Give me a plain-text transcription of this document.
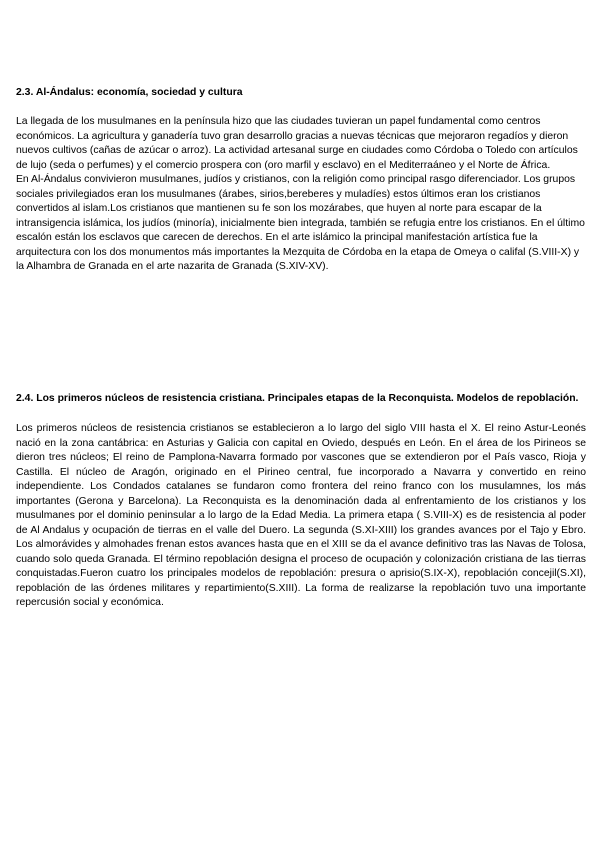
2.3. Al-Ándalus: economía, sociedad y cultura

La llegada de los musulmanes en la península hizo que las ciudades tuvieran un papel fundamental como centros económicos. La agricultura y ganadería tuvo gran desarrollo gracias a nuevas técnicas que mejoraron regadíos y dieron nuevos cultivos (cañas de azúcar o arroz). La actividad artesanal surge en ciudades como Córdoba o Toledo con artículos de lujo (seda o perfumes) y el comercio prospera con (oro marfil y esclavo) en el Mediterraáneo y el Norte de África.

En Al-Ándalus convivieron musulmanes, judíos y cristianos, con la religión como principal rasgo diferenciador. Los grupos sociales privilegiados eran los musulmanes (árabes, sirios,bereberes y muladíes) estos últimos eran los cristianos convertidos al islam.Los cristianos que mantienen su fe son los mozárabes, que huyen al norte para escapar de la intransigencia islámica, los judíos (minoría), inicialmente bien integrada, también se refugia entre los cristianos. En el último escalón están los esclavos que carecen de derechos. En el arte islámico la principal manifestación artística fue la arquitectura con los dos monumentos más importantes la Mezquita de Córdoba en la etapa de Omeya o califal (S.VIII-X) y la Alhambra de Granada en el arte nazarita de Granada (S.XIV-XV).

2.4. Los primeros núcleos de resistencia cristiana. Principales etapas de la Reconquista. Modelos de repoblación.

Los primeros núcleos de resistencia cristianos se establecieron a lo largo del siglo VIII hasta el X. El reino Astur-Leonés nació en la zona cantábrica: en Asturias y Galicia con capital en Oviedo, después en León. En el área de los Pirineos se dieron tres núcleos; El reino de Pamplona-Navarra formado por vascones que se extendieron por el País vasco, Rioja y Castilla. El núcleo de Aragón, originado en el Pirineo central, fue incorporado a Navarra y convertido en reino independiente. Los Condados catalanes se fundaron como frontera del reino franco con los musulamnes, los más importantes (Gerona y Barcelona). La Reconquista es la denominación dada al enfrentamiento de los cristianos y los musulmanes por el dominio peninsular a lo largo de la Edad Media. La primera etapa ( S.VIII-X) es de resistencia al poder de Al Andalus y ocupación de tierras en el valle del Duero. La segunda (S.XI-XIII) los grandes avances por el Tajo y Ebro. Los almorávides y almohades frenan estos avances hasta que en el XIII se da el avance definitivo tras las Navas de Tolosa, cuando solo queda Granada. El término repoblación designa el proceso de ocupación y colonización cristiana de las tierras conquistadas.Fueron cuatro los principales modelos de repoblación: presura o aprisio(S.IX-X), repoblación concejil(S.XI), repoblación de las órdenes militares y repartimiento(S.XIII). La forma de realizarse la repoblación tuvo una importante repercusión social y económica.
